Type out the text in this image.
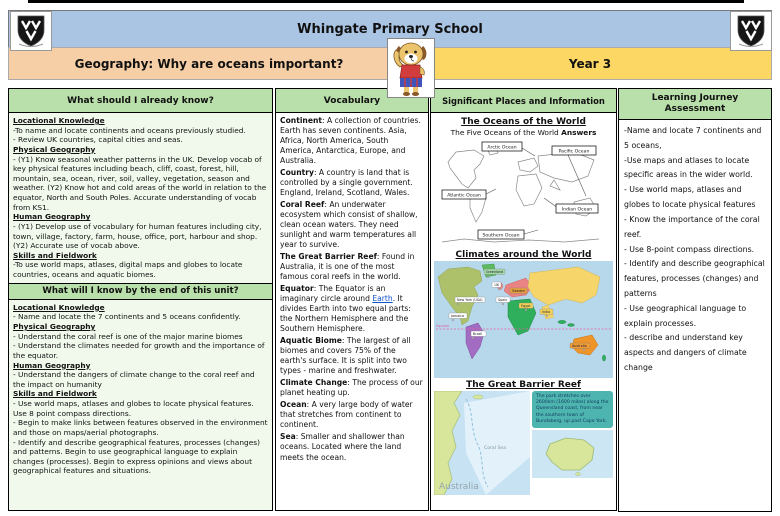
Whingate Primary School
Geography: Why are oceans important?	Year 3
What should I already know?
Locational Knowledge
-To name and locate continents and oceans previously studied.
- Review UK countries, capital cities and seas.
Physical Geography
- (Y1) Know seasonal weather patterns in the UK. Develop vocab of key physical features including beach, cliff, coast, forest, hill, mountain, sea, ocean, river, soil, valley, vegetation, season and weather. (Y2) Know hot and cold areas of the world in relation to the equator, North and South Poles. Accurate understanding of vocab from KS1.
Human Geography
- (Y1) Develop use of vocabulary for human features including city, town, village, factory, farm, house, office, port, harbour and shop. (Y2) Accurate use of vocab above.
Skills and Fieldwork
-To use world maps, atlases, digital maps and globes to locate countries, oceans and aquatic biomes.
What will I know by the end of this unit?
Locational Knowledge
- Name and locate the 7 continents and 5 oceans confidently.
Physical Geography
- Understand the coral reef is one of the major marine biomes
- Understand the climates needed for growth and the importance of the equator.
Human Geography
- Understand the dangers of climate change to the coral reef and the impact on humanity
Skills and Fieldwork
- Use world maps, atlases and globes to locate physical features. Use 8 point compass directions.
- Begin to make links between features observed in the environment and those on maps/aerial photographs.
- Identify and describe geographical features, processes (changes) and patterns. Begin to use geographical language to explain changes (processes). Begin to express opinions and views about geographical features and situations.
Vocabulary

Continent: A collection of countries. Earth has seven continents. Asia, Africa, North America, South America, Antarctica, Europe, and Australia.

Country: A country is land that is controlled by a single government. England, Ireland, Scotland, Wales.

Coral Reef: An underwater ecosystem which consist of shallow, clean ocean waters. They need sunlight and warm temperatures all year to survive.

The Great Barrier Reef: Found in Australia, it is one of the most famous coral reefs in the world.

Equator: The Equator is an imaginary circle around Earth. It divides Earth into two equal parts: the Northern Hemisphere and the Southern Hemisphere.

Aquatic Biome: The largest of all biomes and covers 75% of the earth's surface. It is split into two types - marine and freshwater.

Climate Change: The process of our planet heating up.

Ocean: A very large body of water that stretches from continent to continent.

Sea: Smaller and shallower than oceans. Located where the land meets the ocean.

Significant Places and Information
The Oceans of the World
The Five Oceans of the World Answers
Arctic Ocean
Pacific Ocean
Atlantic Ocean
Indian Ocean
Southern Ocean
Climates around the World
Equator
Greenland
New York (USA)
Jamaica
Brazil
UK
Sweden
Spain
Egypt
India
Australia
The Great Barrier Reef
Coral Sea
Australia
The park stretches over 2600km (1600 miles) along the Queensland coast, from near the southern town of Bundaberg, up past Cape York.
Learning Journey
Assessment
-Name and locate 7 continents and 5 oceans,
-Use maps and atlases to locate specific areas in the wider world.
- Use world maps, atlases and globes to locate physical features
- Know the importance of the coral reef.
- Use 8-point compass directions.
- Identify and describe geographical features, processes (changes) and patterns
- Use geographical language to explain processes.
- describe and understand key aspects and dangers of climate change
